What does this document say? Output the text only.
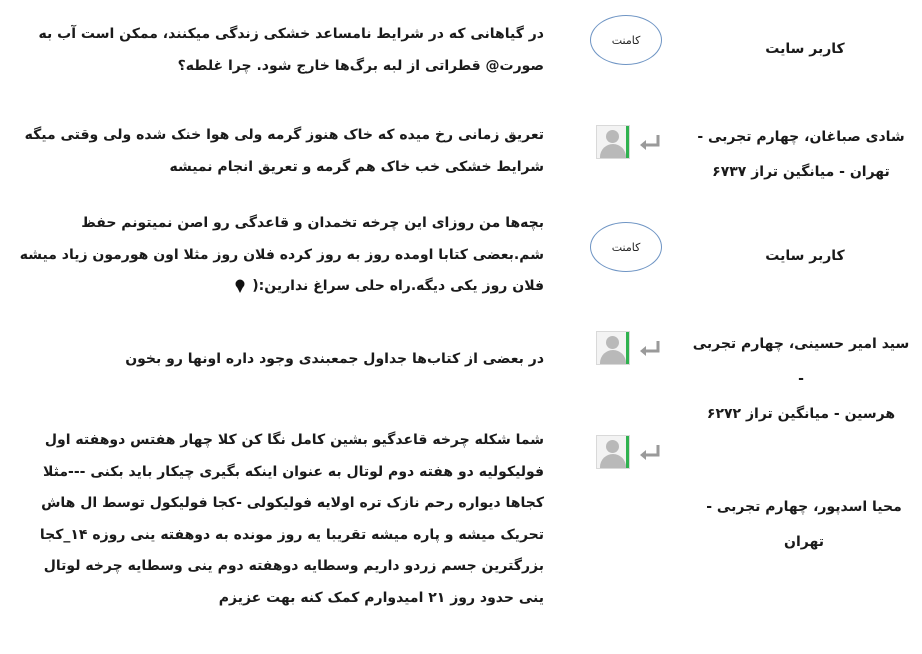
کاربر سایت

کامنت

در گیاهانی که در شرایط نامساعد خشکی زندگی میکنند، ممکن است آب به صورت@ قطراتی از لبه برگ‌ها خارج شود. چرا غلطه؟

شادی صباغان، چهارم تجربی -
تهران - میانگین تراز ۶۷۳۷

تعریق زمانی رخ میده که خاک هنوز گرمه ولی هوا خنک شده ولی وقتی میگه شرایط خشکی خب خاک هم گرمه و تعریق انجام نمیشه

کاربر سایت

کامنت

بچه‌ها من روزای این چرخه تخمدان و قاعدگی رو اصن نمیتونم حفظ شم.بعضی کتابا اومده روز به روز کرده فلان روز مثلا اون هورمون زیاد میشه فلان روز یکی دیگه.راه حلی سراغ ندارین:(

سید امیر حسینی، چهارم تجربی -
هرسین - میانگین تراز ۶۲۷۲

در بعضی از کتاب‌ها جداول جمعبندی وجود داره اونها رو بخون

محیا اسدپور، چهارم تجربی - تهران

شما شکله چرخه قاعدگیو بشین کامل نگا کن کلا چهار هفتس دوهفته اول فولیکولیه دو هفته دوم لوتال به عنوان اینکه بگیری چیکار باید بکنی ---مثلا کجاها دیواره رحم نازک تره اولایه فولیکولی -کجا فولیکول توسط ال هاش تحریک میشه و پاره میشه تقریبا یه روز مونده به دوهفته ینی روزه ۱۴_کجا بزرگترین جسم زردو داریم وسطایه دوهفته دوم ینی وسطایه چرخه لوتال ینی حدود روز ۲۱ امیدوارم کمک کنه بهت عزیزم
